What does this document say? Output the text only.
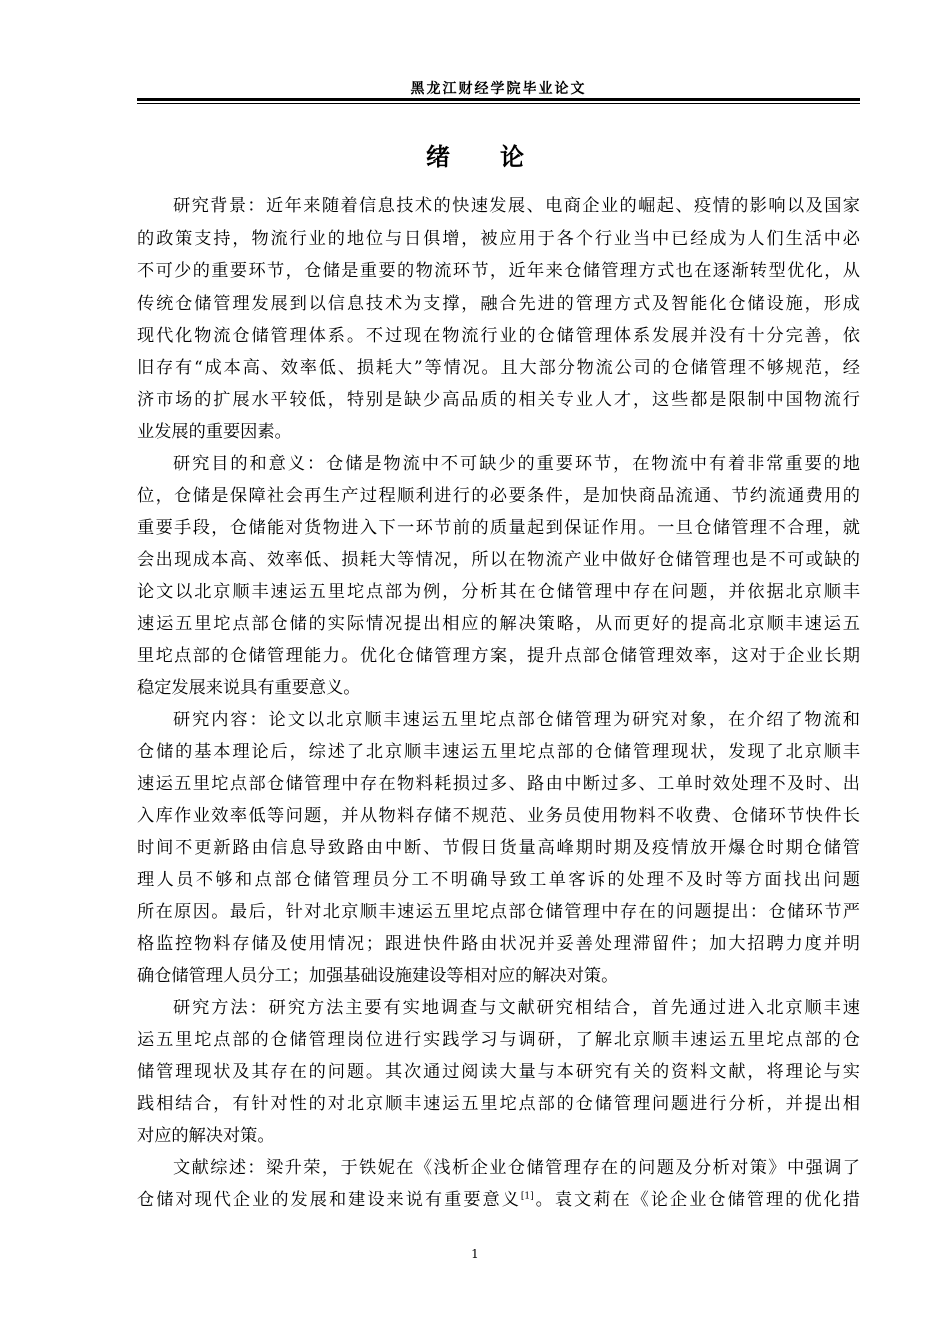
黑龙江财经学院毕业论文
绪 论
研究背景：近年来随着信息技术的快速发展、电商企业的崛起、疫情的影响以及国家
的政策支持，物流行业的地位与日俱增，被应用于各个行业当中已经成为人们生活中必
不可少的重要环节，仓储是重要的物流环节，近年来仓储管理方式也在逐渐转型优化，从
传统仓储管理发展到以信息技术为支撑，融合先进的管理方式及智能化仓储设施，形成
现代化物流仓储管理体系。不过现在物流行业的仓储管理体系发展并没有十分完善，依
旧存有“成本高、效率低、损耗大”等情况。且大部分物流公司的仓储管理不够规范，经
济市场的扩展水平较低，特别是缺少高品质的相关专业人才，这些都是限制中国物流行
业发展的重要因素。
研究目的和意义：仓储是物流中不可缺少的重要环节，在物流中有着非常重要的地
位，仓储是保障社会再生产过程顺利进行的必要条件，是加快商品流通、节约流通费用的
重要手段，仓储能对货物进入下一环节前的质量起到保证作用。一旦仓储管理不合理，就
会出现成本高、效率低、损耗大等情况，所以在物流产业中做好仓储管理也是不可或缺的
论文以北京顺丰速运五里坨点部为例，分析其在仓储管理中存在问题，并依据北京顺丰
速运五里坨点部仓储的实际情况提出相应的解决策略，从而更好的提高北京顺丰速运五
里坨点部的仓储管理能力。优化仓储管理方案，提升点部仓储管理效率，这对于企业长期
稳定发展来说具有重要意义。
研究内容：论文以北京顺丰速运五里坨点部仓储管理为研究对象，在介绍了物流和
仓储的基本理论后，综述了北京顺丰速运五里坨点部的仓储管理现状，发现了北京顺丰
速运五里坨点部仓储管理中存在物料耗损过多、路由中断过多、工单时效处理不及时、出
入库作业效率低等问题，并从物料存储不规范、业务员使用物料不收费、仓储环节快件长
时间不更新路由信息导致路由中断、节假日货量高峰期时期及疫情放开爆仓时期仓储管
理人员不够和点部仓储管理员分工不明确导致工单客诉的处理不及时等方面找出问题
所在原因。最后，针对北京顺丰速运五里坨点部仓储管理中存在的问题提出：仓储环节严
格监控物料存储及使用情况；跟进快件路由状况并妥善处理滞留件；加大招聘力度并明
确仓储管理人员分工；加强基础设施建设等相对应的解决对策。
研究方法：研究方法主要有实地调查与文献研究相结合，首先通过进入北京顺丰速
运五里坨点部的仓储管理岗位进行实践学习与调研，了解北京顺丰速运五里坨点部的仓
储管理现状及其存在的问题。其次通过阅读大量与本研究有关的资料文献，将理论与实
践相结合，有针对性的对北京顺丰速运五里坨点部的仓储管理问题进行分析，并提出相
对应的解决对策。
文献综述：梁升荣，于铁妮在《浅析企业仓储管理存在的问题及分析对策》中强调了
仓储对现代企业的发展和建设来说有重要意义[1]。袁文莉在《论企业仓储管理的优化措
1
